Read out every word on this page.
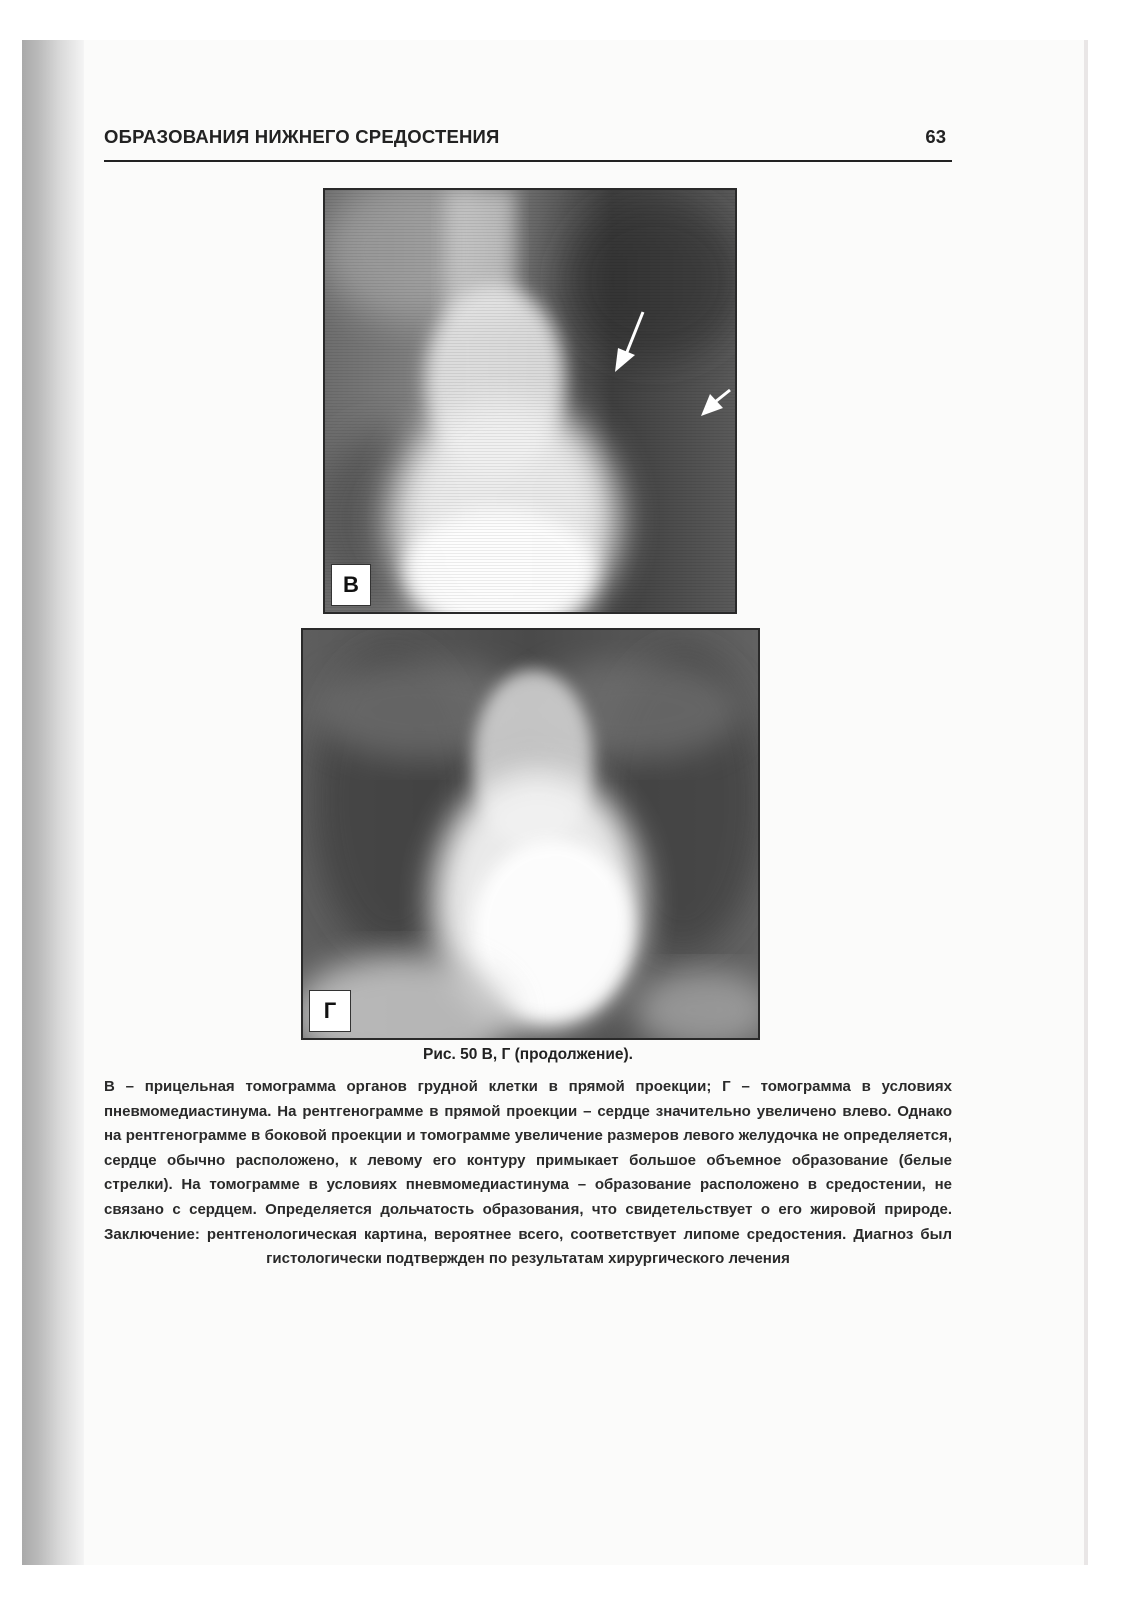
ОБРАЗОВАНИЯ НИЖНЕГО СРЕДОСТЕНИЯ	63
В
Г
Рис. 50 В, Г (продолжение).
В – прицельная томограмма органов грудной клетки в прямой проекции; Г – томограмма в условиях пневмомедиастинума. На рентгенограмме в прямой проекции – сердце значительно увеличено влево. Однако на рентгенограмме в боковой проекции и томограмме увеличение размеров левого желудочка не определяется, сердце обычно расположено, к левому его контуру примыкает большое объемное образование (белые стрелки). На томограмме в условиях пневмомедиастинума – образование расположено в средостении, не связано с сердцем. Определяется дольчатость образования, что свидетельствует о его жировой природе. Заключение: рентгенологическая картина, вероятнее всего, соответствует липоме средостения. Диагноз был гистологически подтвержден по результатам хирургического лечения
